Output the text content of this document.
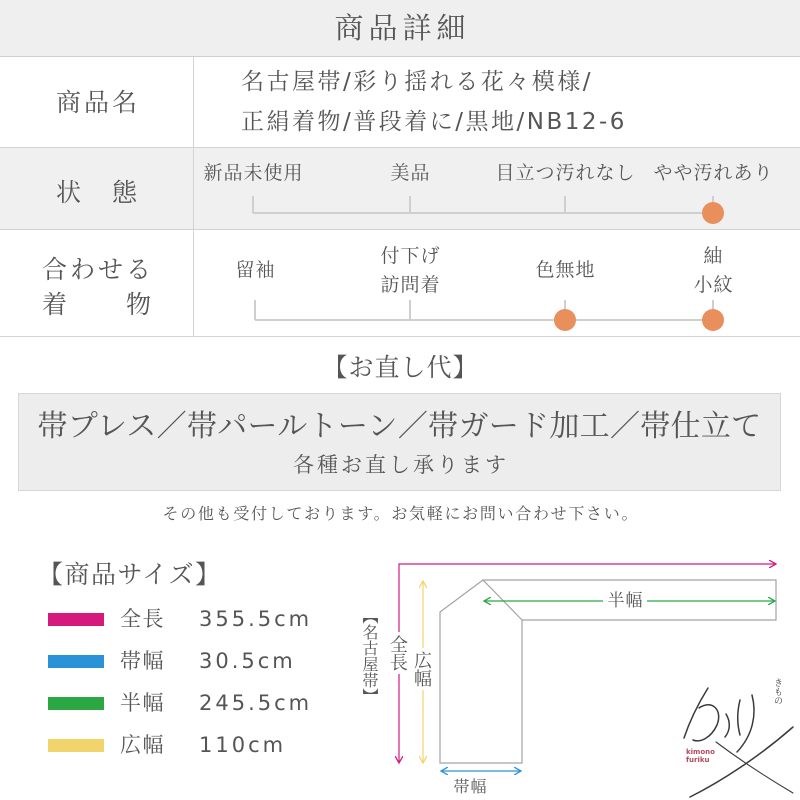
商品詳細
商品名
名古屋帯/彩り揺れる花々模様/
正絹着物/普段着に/黒地/NB12-6
状　態
新品未使用	美品	目立つ汚れなし やや汚れあり
合わせる
着　　物
留袖
付下げ
訪問着
色無地
紬
小紋
【お直し代】
帯プレス／帯パールトーン／帯ガード加工／帯仕立て
各種お直し承ります
その他も受付しております。お気軽にお問い合わせ下さい。
【商品サイズ】
全長 355.5cm
帯幅 30.5cm
半幅 245.5cm
広幅 110cm
【名古屋帯】 全長 広幅
半幅
帯幅
きもの
kimono
furiku
